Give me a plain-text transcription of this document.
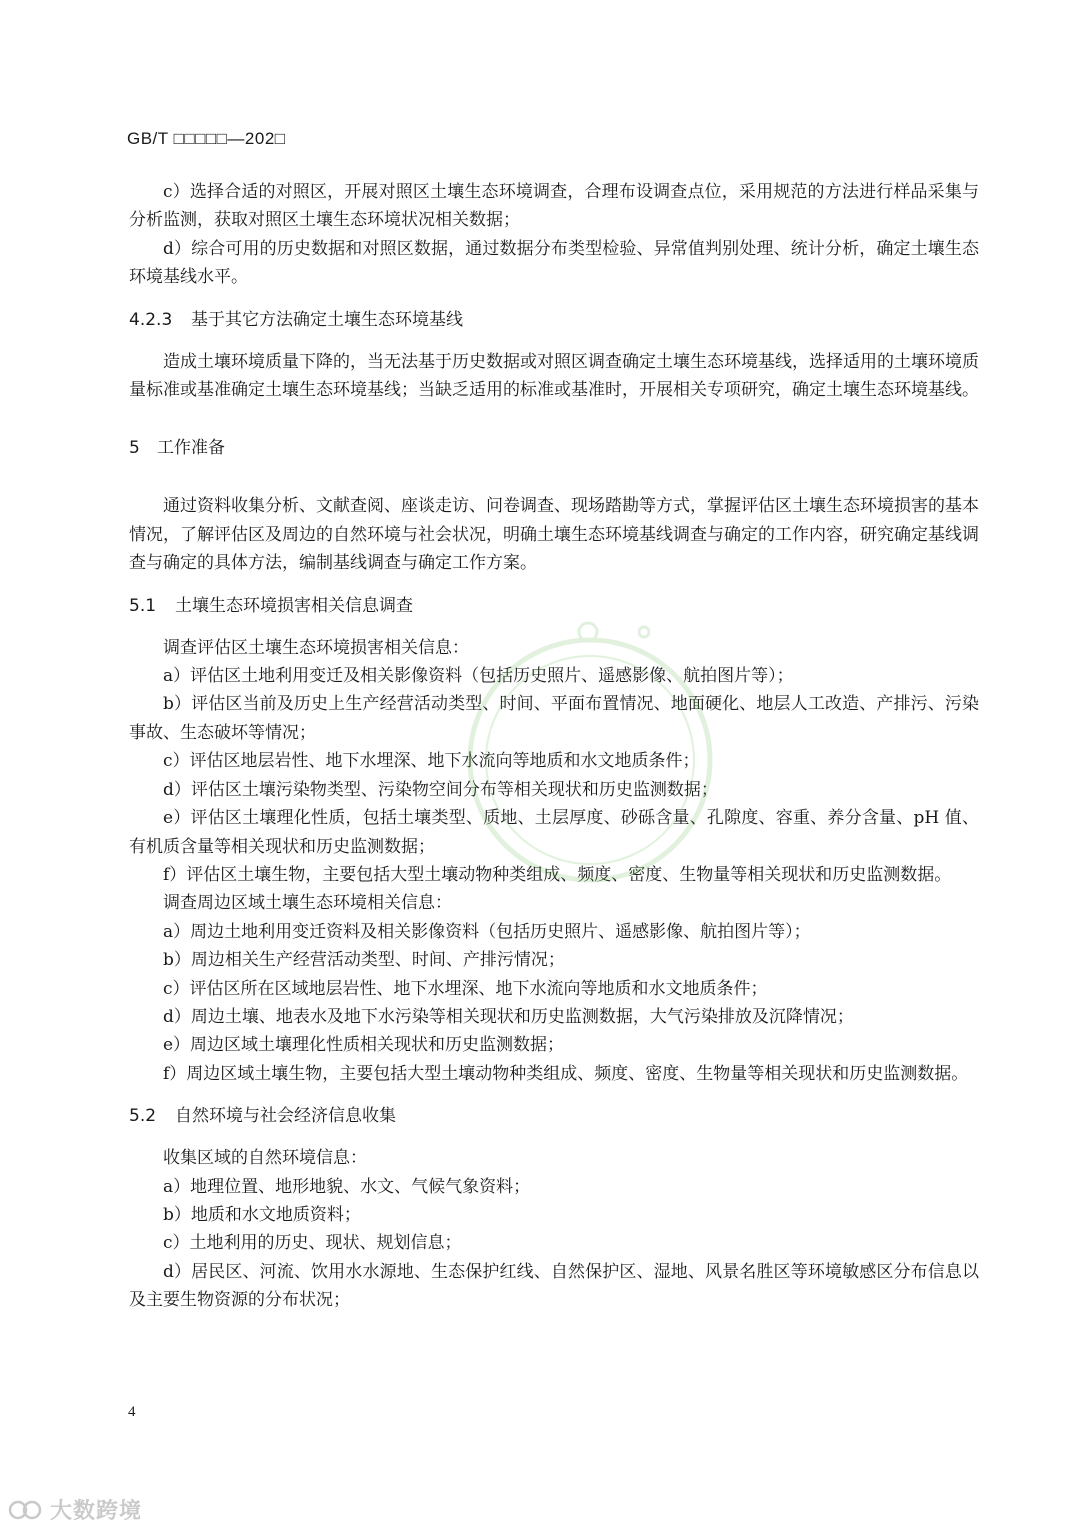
GB/T □□□□□—202□

c）选择合适的对照区，开展对照区土壤生态环境调查，合理布设调查点位，采用规范的方法进行样品采集与分析监测，获取对照区土壤生态环境状况相关数据；

d）综合可用的历史数据和对照区数据，通过数据分布类型检验、异常值判别处理、统计分析，确定土壤生态环境基线水平。

4.2.3	基于其它方法确定土壤生态环境基线

造成土壤环境质量下降的，当无法基于历史数据或对照区调查确定土壤生态环境基线，选择适用的土壤环境质量标准或基准确定土壤生态环境基线；当缺乏适用的标准或基准时，开展相关专项研究，确定土壤生态环境基线。

5	工作准备

通过资料收集分析、文献查阅、座谈走访、问卷调查、现场踏勘等方式，掌握评估区土壤生态环境损害的基本情况，了解评估区及周边的自然环境与社会状况，明确土壤生态环境基线调查与确定的工作内容，研究确定基线调查与确定的具体方法，编制基线调查与确定工作方案。

5.1	土壤生态环境损害相关信息调查

调查评估区土壤生态环境损害相关信息：

a）评估区土地利用变迁及相关影像资料（包括历史照片、遥感影像、航拍图片等）；

b）评估区当前及历史上生产经营活动类型、时间、平面布置情况、地面硬化、地层人工改造、产排污、污染事故、生态破坏等情况；

c）评估区地层岩性、地下水埋深、地下水流向等地质和水文地质条件；

d）评估区土壤污染物类型、污染物空间分布等相关现状和历史监测数据；

e）评估区土壤理化性质，包括土壤类型、质地、土层厚度、砂砾含量、孔隙度、容重、养分含量、pH 值、有机质含量等相关现状和历史监测数据；

f）评估区土壤生物，主要包括大型土壤动物种类组成、频度、密度、生物量等相关现状和历史监测数据。

调查周边区域土壤生态环境相关信息：

a）周边土地利用变迁资料及相关影像资料（包括历史照片、遥感影像、航拍图片等）；

b）周边相关生产经营活动类型、时间、产排污情况；

c）评估区所在区域地层岩性、地下水埋深、地下水流向等地质和水文地质条件；

d）周边土壤、地表水及地下水污染等相关现状和历史监测数据，大气污染排放及沉降情况；

e）周边区域土壤理化性质相关现状和历史监测数据；

f）周边区域土壤生物，主要包括大型土壤动物种类组成、频度、密度、生物量等相关现状和历史监测数据。

5.2	自然环境与社会经济信息收集

收集区域的自然环境信息：

a）地理位置、地形地貌、水文、气候气象资料；

b）地质和水文地质资料；

c）土地利用的历史、现状、规划信息；

d）居民区、河流、饮用水水源地、生态保护红线、自然保护区、湿地、风景名胜区等环境敏感区分布信息以及主要生物资源的分布状况；

4
大数跨境
